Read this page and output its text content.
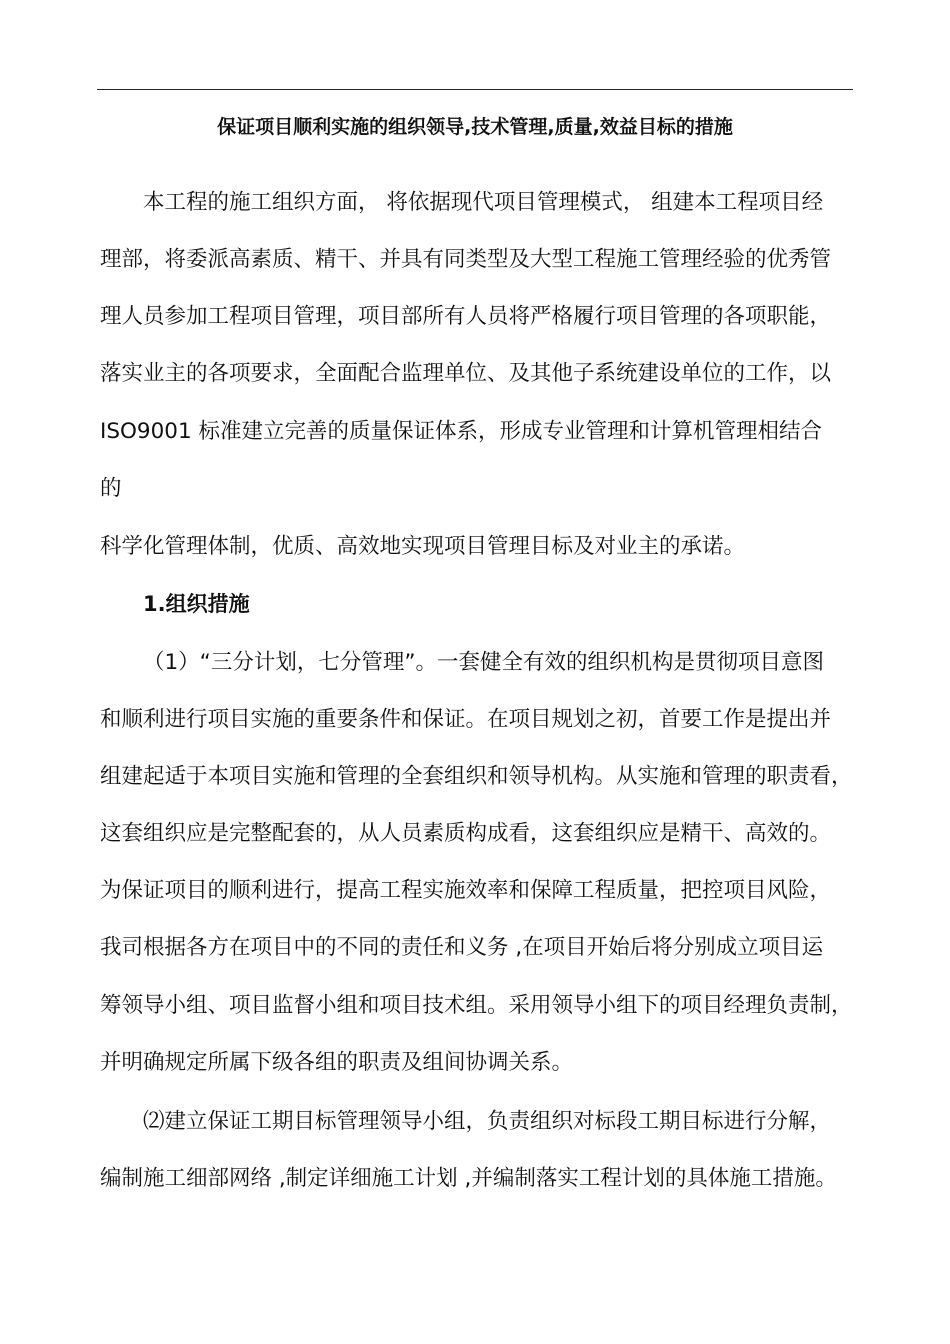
保证项目顺利实施的组织领导,技术管理,质量,效益目标的措施
本工程的施工组织方面， 将依据现代项目管理模式， 组建本工程项目经
理部，将委派高素质、精干、并具有同类型及大型工程施工管理经验的优秀管
理人员参加工程项目管理，项目部所有人员将严格履行项目管理的各项职能，
落实业主的各项要求，全面配合监理单位、及其他子系统建设单位的工作，以
ISO9001 标准建立完善的质量保证体系，形成专业管理和计算机管理相结合
的
科学化管理体制，优质、高效地实现项目管理目标及对业主的承诺。
1.组织措施
（1）“三分计划，七分管理”。一套健全有效的组织机构是贯彻项目意图
和顺利进行项目实施的重要条件和保证。在项目规划之初，首要工作是提出并
组建起适于本项目实施和管理的全套组织和领导机构。从实施和管理的职责看，
这套组织应是完整配套的，从人员素质构成看，这套组织应是精干、高效的。
为保证项目的顺利进行，提高工程实施效率和保障工程质量，把控项目风险，
我司根据各方在项目中的不同的责任和义务 ,在项目开始后将分别成立项目运
筹领导小组、项目监督小组和项目技术组。采用领导小组下的项目经理负责制，
并明确规定所属下级各组的职责及组间协调关系。
⑵建立保证工期目标管理领导小组，负责组织对标段工期目标进行分解，
编制施工细部网络 ,制定详细施工计划 ,并编制落实工程计划的具体施工措施。
